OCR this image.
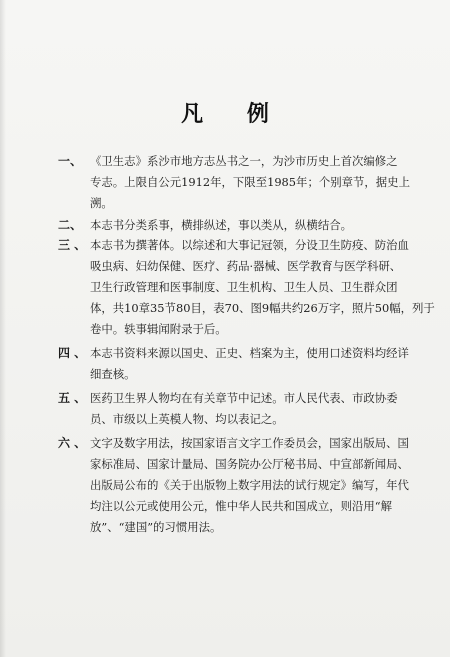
凡 例
一、 《卫生志》系沙市地方志丛书之一，为沙市历史上首次编修之
专志。上限自公元1912年，下限至1985年；个别章节，据史上
溯。
二、 本志书分类系事，横排纵述，事以类从，纵横结合。
三 、 本志书为撰著体。以综述和大事记冠领，分设卫生防疫、防治血
吸虫病、妇幼保健、医疗、药品·器械、医学教育与医学科研、
卫生行政管理和医事制度、卫生机构、卫生人员、卫生群众团
体，共10章35节80目，表70、图9幅共约26万字，照片50幅，列于
卷中。轶事辑闻附录于后。
四 、 本志书资料来源以国史、正史、档案为主，使用口述资料均经详
细查核。
五 、 医药卫生界人物均在有关章节中记述。市人民代表、市政协委
员、市级以上英模人物、均以表记之。
六 、 文字及数字用法，按国家语言文字工作委员会，国家出版局、国
家标准局、国家计量局、国务院办公厅秘书局、中宣部新闻局、
出版局公布的《关于出版物上数字用法的试行规定》编写，年代
均注以公元或使用公元，惟中华人民共和国成立，则沿用“解
放”、“建国”的习惯用法。
